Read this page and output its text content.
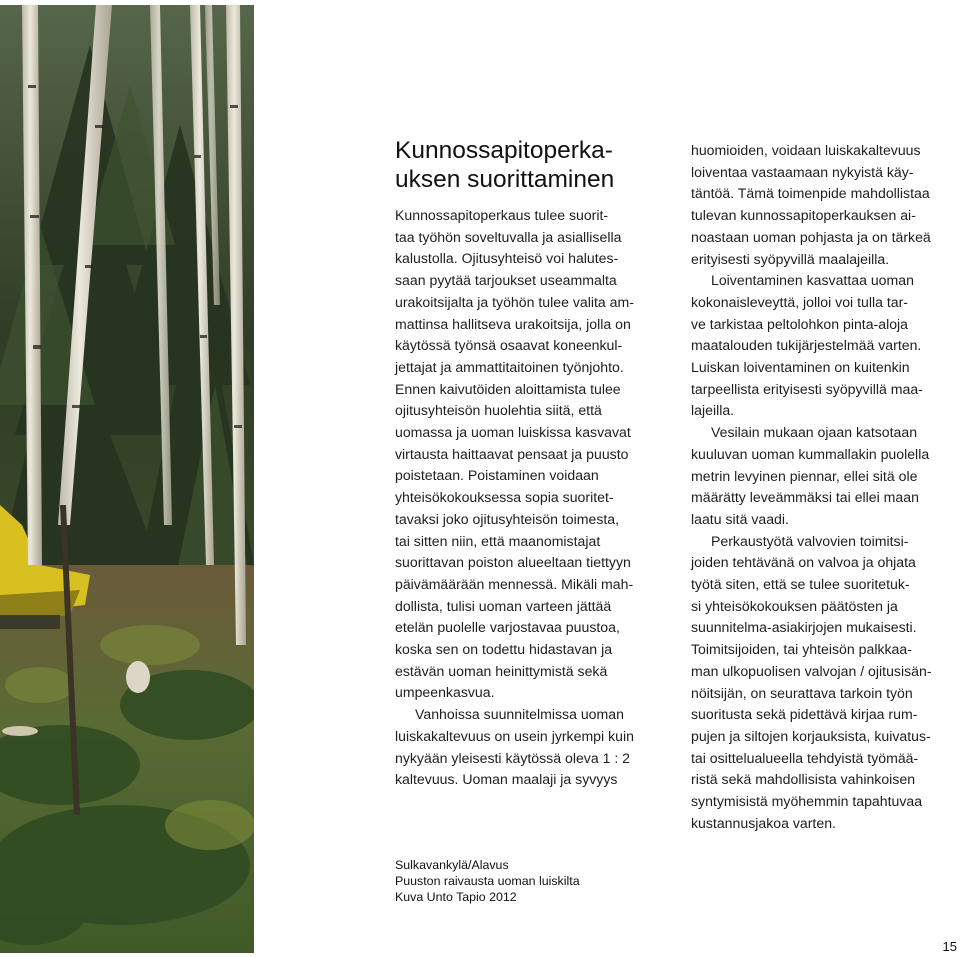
Kunnossapitoperka-
uksen suorittaminen

Kunnossapitoperkaus tulee suorit-
taa työhön soveltuvalla ja asiallisella
kalustolla. Ojitusyhteisö voi halutes-
saan pyytää tarjoukset useammalta
urakoitsijalta ja työhön tulee valita am-
mattinsa hallitseva urakoitsija, jolla on
käytössä työnsä osaavat koneenkul-
jettajat ja ammattitaitoinen työnjohto.
Ennen kaivutöiden aloittamista tulee
ojitusyhteisön huolehtia siitä, että
uomassa ja uoman luiskissa kasvavat
virtausta haittaavat pensaat ja puusto
poistetaan. Poistaminen voidaan
yhteisökokouksessa sopia suoritet-
tavaksi joko ojitusyhteisön toimesta,
tai sitten niin, että maanomistajat
suorittavan poiston alueeltaan tiettyyn
päivämäärään mennessä. Mikäli mah-
dollista, tulisi uoman varteen jättää
etelän puolelle varjostavaa puustoa,
koska sen on todettu hidastavan ja
estävän uoman heinittymistä sekä
umpeenkasvua.

Vanhoissa suunnitelmissa uoman
luiskakaltevuus on usein jyrkempi kuin
nykyään yleisesti käytössä oleva 1 : 2
kaltevuus. Uoman maalaji ja syvyys

huomioiden, voidaan luiskakaltevuus
loiventaa vastaamaan nykyistä käy-
täntöä. Tämä toimenpide mahdollistaa
tulevan kunnossapitoperkauksen ai-
noastaan uoman pohjasta ja on tärkeä
erityisesti syöpyvillä maalajeilla.

Loiventaminen kasvattaa uoman
kokonaisleveyttä, jolloi voi tulla tar-
ve tarkistaa peltolohkon pinta-aloja
maatalouden tukijärjestelmää varten.
Luiskan loiventaminen on kuitenkin
tarpeellista erityisesti syöpyvillä maa-
lajeilla.

Vesilain mukaan ojaan katsotaan
kuuluvan uoman kummallakin puolella
metrin levyinen piennar, ellei sitä ole
määrätty leveämmäksi tai ellei maan
laatu sitä vaadi.

Perkaustyötä valvovien toimitsi-
joiden tehtävänä on valvoa ja ohjata
työtä siten, että se tulee suoritetuk-
si yhteisökokouksen päätösten ja
suunnitelma-asiakirjojen mukaisesti.
Toimitsijoiden, tai yhteisön palkkaa-
man ulkopuolisen valvojan / ojitusisän-
nöitsijän, on seurattava tarkoin työn
suoritusta sekä pidettävä kirjaa rum-
pujen ja siltojen korjauksista, kuivatus-
tai osittelualueella tehdyistä työmää-
ristä sekä mahdollisista vahinkoisen
syntymisistä myöhemmin tapahtuvaa
kustannusjakoa varten.

Sulkavankylä/Alavus
Puuston raivausta uoman luiskilta
Kuva Unto Tapio 2012
15
